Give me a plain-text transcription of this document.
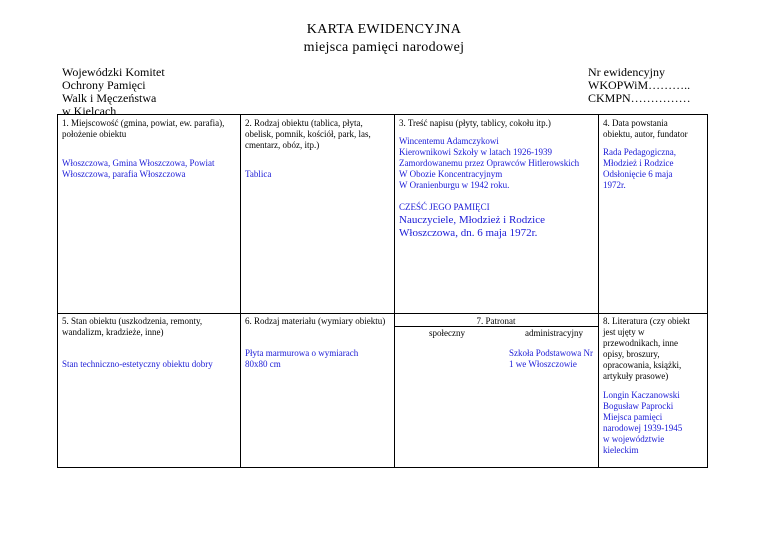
KARTA EWIDENCYJNA
miejsca pamięci narodowej
Wojewódzki Komitet
Ochrony Pamięci
Walk i Męczeństwa
w Kielcach
Nr ewidencyjny
WKOPWiM………..
CKMPN……………
1. Miejscowość (gmina, powiat, ew. parafia),
położenie obiektu
Włoszczowa, Gmina Włoszczowa, Powiat
Włoszczowa, parafia Włoszczowa
2. Rodzaj obiektu (tablica, płyta,
obelisk, pomnik, kościół, park, las,
cmentarz, obóz, itp.)
Tablica
3. Treść napisu (płyty, tablicy, cokołu itp.)
Wincentemu Adamczykowi
Kierownikowi Szkoły w latach 1926-1939
Zamordowanemu przez Oprawców Hitlerowskich
W Obozie Koncentracyjnym
W Oranienburgu w 1942 roku.
CZEŚĆ JEGO PAMIĘCI
Nauczyciele, Młodzież i Rodzice
Włoszczowa, dn. 6 maja 1972r.
4. Data powstania
obiektu, autor, fundator
Rada Pedagogiczna,
Młodzież i Rodzice
Odsłonięcie 6 maja
1972r.
5. Stan obiektu (uszkodzenia, remonty,
wandalizm, kradzieże, inne)
Stan techniczno-estetyczny obiektu dobry
6. Rodzaj materiału (wymiary obiektu)
Płyta marmurowa o wymiarach
80x80 cm
7. Patronat
społeczny	administracyjny
Szkoła Podstawowa Nr
1 we Włoszczowie
8. Literatura (czy obiekt
jest ujęty w
przewodnikach, inne
opisy, broszury,
opracowania, książki,
artykuły prasowe)
Longin Kaczanowski
Bogusław Paprocki
Miejsca pamięci
narodowej 1939-1945
w województwie
kieleckim
